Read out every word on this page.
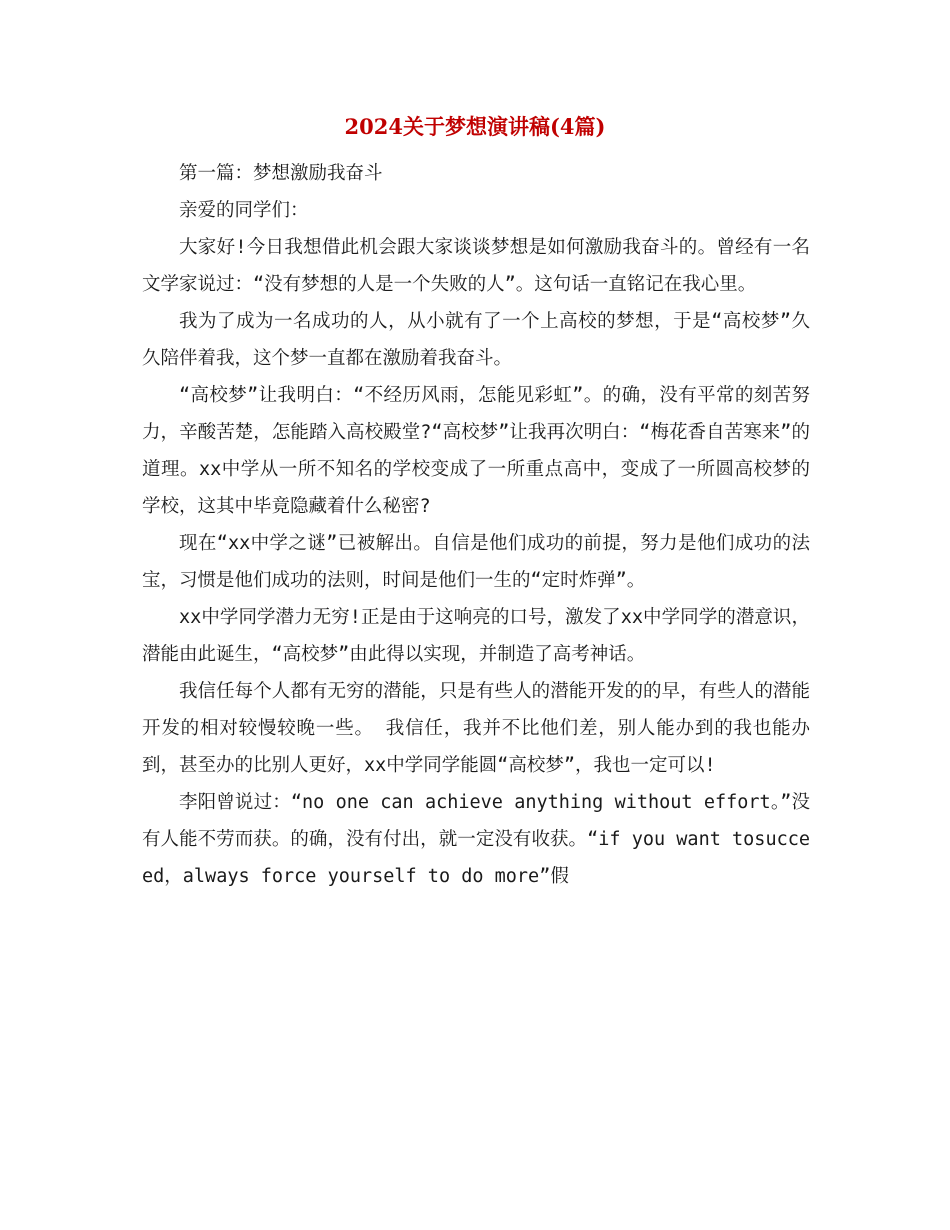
2024关于梦想演讲稿(4篇)

第一篇：梦想激励我奋斗

亲爱的同学们：

大家好!今日我想借此机会跟大家谈谈梦想是如何激励我奋斗的。曾经有一名文学家说过：“没有梦想的人是一个失败的人”。这句话一直铭记在我心里。

我为了成为一名成功的人，从小就有了一个上高校的梦想，于是“高校梦”久久陪伴着我，这个梦一直都在激励着我奋斗。

“高校梦”让我明白：“不经历风雨，怎能见彩虹”。的确，没有平常的刻苦努力，辛酸苦楚，怎能踏入高校殿堂?“高校梦”让我再次明白：“梅花香自苦寒来”的道理。xx中学从一所不知名的学校变成了一所重点高中，变成了一所圆高校梦的学校，这其中毕竟隐藏着什么秘密?

现在“xx中学之谜”已被解出。自信是他们成功的前提，努力是他们成功的法宝，习惯是他们成功的法则，时间是他们一生的“定时炸弹”。

xx中学同学潜力无穷!正是由于这响亮的口号，激发了xx中学同学的潜意识，潜能由此诞生，“高校梦”由此得以实现，并制造了高考神话。

我信任每个人都有无穷的潜能，只是有些人的潜能开发的的早，有些人的潜能开发的相对较慢较晚一些。 我信任，我并不比他们差，别人能办到的我也能办到，甚至办的比别人更好，xx中学同学能圆“高校梦”，我也一定可以!

李阳曾说过：“no one can achieve anything without effort。”没有人能不劳而获。的确，没有付出，就一定没有收获。“if you want tosucceed，always force yourself to do more”假
